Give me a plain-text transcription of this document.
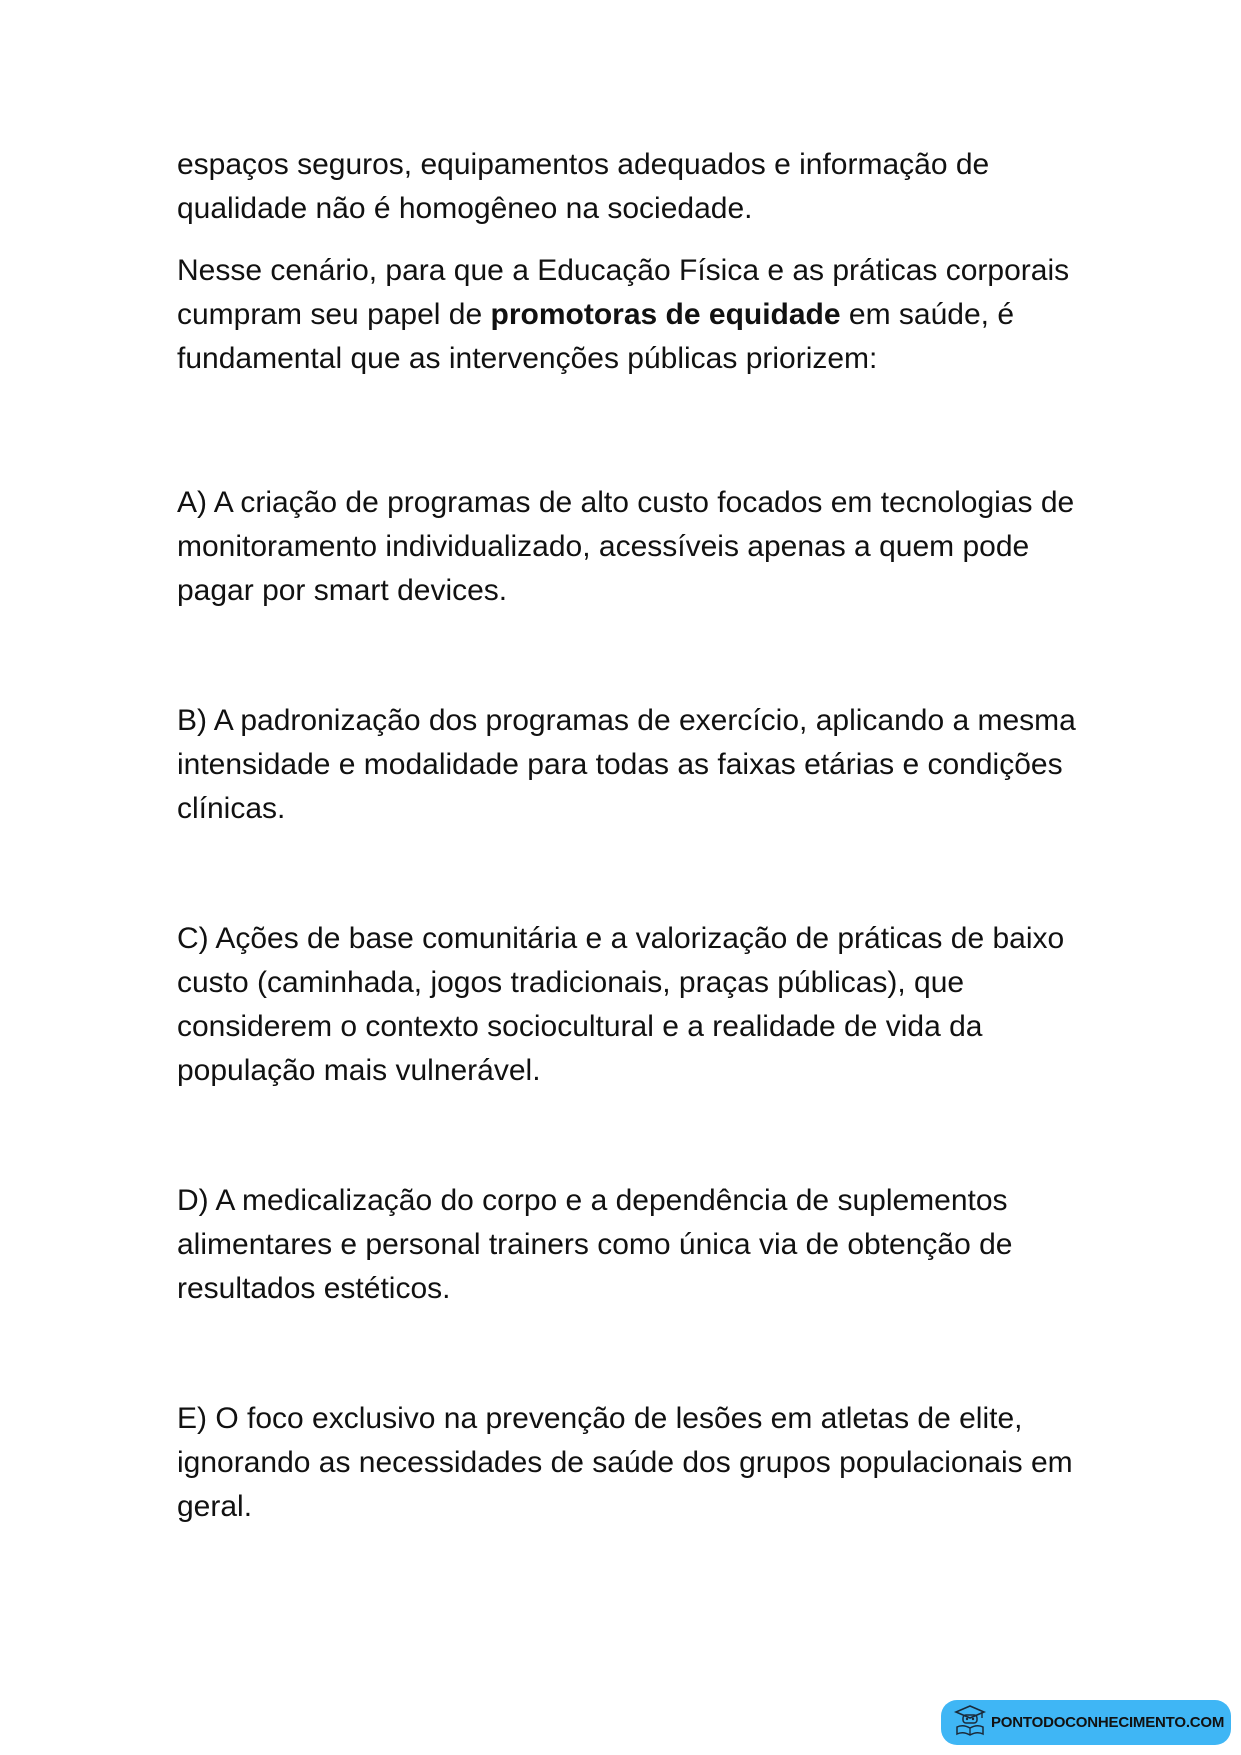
espaços seguros, equipamentos adequados e informação de qualidade não é homogêneo na sociedade.

Nesse cenário, para que a Educação Física e as práticas corporais cumpram seu papel de promotoras de equidade em saúde, é fundamental que as intervenções públicas priorizem:

A) A criação de programas de alto custo focados em tecnologias de monitoramento individualizado, acessíveis apenas a quem pode pagar por smart devices.

B) A padronização dos programas de exercício, aplicando a mesma intensidade e modalidade para todas as faixas etárias e condições clínicas.

C) Ações de base comunitária e a valorização de práticas de baixo custo (caminhada, jogos tradicionais, praças públicas), que considerem o contexto sociocultural e a realidade de vida da população mais vulnerável.

D) A medicalização do corpo e a dependência de suplementos alimentares e personal trainers como única via de obtenção de resultados estéticos.

E) O foco exclusivo na prevenção de lesões em atletas de elite, ignorando as necessidades de saúde dos grupos populacionais em geral.

PONTODOCONHECIMENTO.COM
